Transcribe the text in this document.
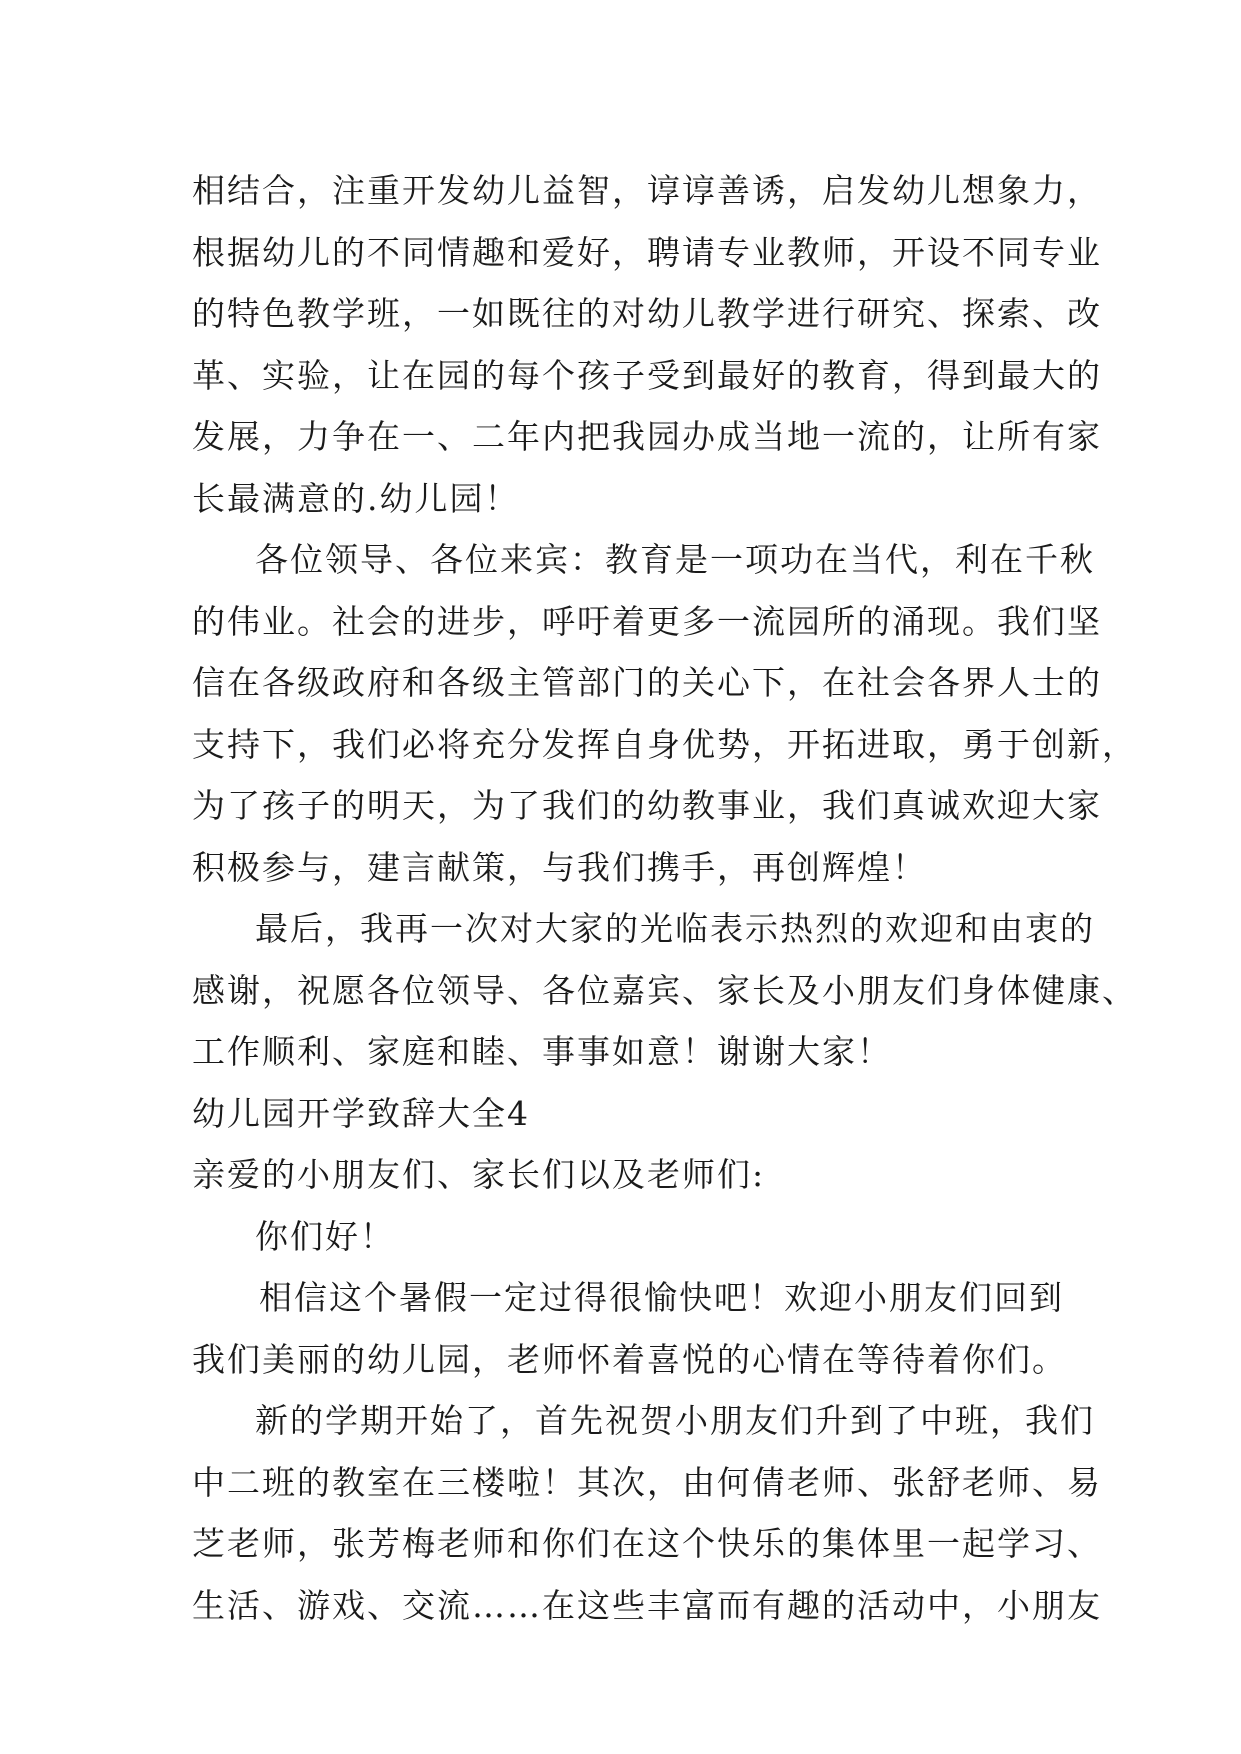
相结合，注重开发幼儿益智，谆谆善诱，启发幼儿想象力，
根据幼儿的不同情趣和爱好，聘请专业教师，开设不同专业
的特色教学班，一如既往的对幼儿教学进行研究、探索、改
革、实验，让在园的每个孩子受到最好的教育，得到最大的
发展，力争在一、二年内把我园办成当地一流的，让所有家
长最满意的.幼儿园！
各位领导、各位来宾：教育是一项功在当代，利在千秋
的伟业。社会的进步，呼吁着更多一流园所的涌现。我们坚
信在各级政府和各级主管部门的关心下，在社会各界人士的
支持下，我们必将充分发挥自身优势，开拓进取，勇于创新，
为了孩子的明天，为了我们的幼教事业，我们真诚欢迎大家
积极参与，建言献策，与我们携手，再创辉煌！
最后，我再一次对大家的光临表示热烈的欢迎和由衷的
感谢，祝愿各位领导、各位嘉宾、家长及小朋友们身体健康、
工作顺利、家庭和睦、事事如意！谢谢大家！
幼儿园开学致辞大全4
亲爱的小朋友们、家长们以及老师们:
你们好！
相信这个暑假一定过得很愉快吧！欢迎小朋友们回到
我们美丽的幼儿园，老师怀着喜悦的心情在等待着你们。
新的学期开始了，首先祝贺小朋友们升到了中班，我们
中二班的教室在三楼啦！其次，由何倩老师、张舒老师、易
芝老师，张芳梅老师和你们在这个快乐的集体里一起学习、
生活、游戏、交流……在这些丰富而有趣的活动中，小朋友
